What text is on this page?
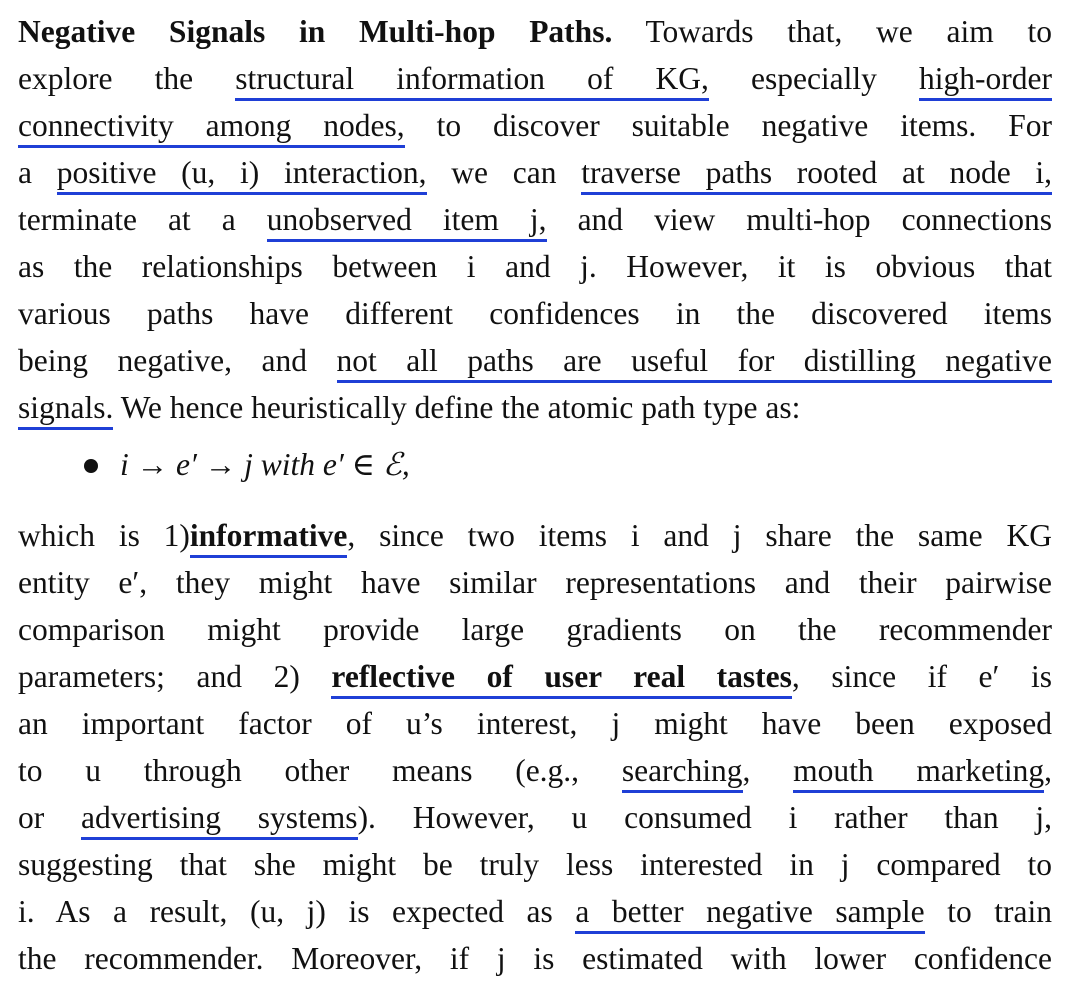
Negative Signals in Multi-hop Paths. Towards that, we aim to
explore the structural information of KG, especially high-order
connectivity among nodes, to discover suitable negative items. For
a positive (u, i) interaction, we can traverse paths rooted at node i,
terminate at a unobserved item j, and view multi-hop connections
as the relationships between i and j. However, it is obvious that
various paths have different confidences in the discovered items
being negative, and not all paths are useful for distilling negative
signals. We hence heuristically define the atomic path type as:
i → e′ → j with e′ ∈ ℰ,
which is 1)informative, since two items i and j share the same KG
entity e′, they might have similar representations and their pairwise
comparison might provide large gradients on the recommender
parameters; and 2) reflective of user real tastes, since if e′ is
an important factor of u’s interest, j might have been exposed
to u through other means (e.g., searching, mouth marketing,
or advertising systems). However, u consumed i rather than j,
suggesting that she might be truly less interested in j compared to
i. As a result, (u, j) is expected as a better negative sample to train
the recommender. Moreover, if j is estimated with lower confidence
